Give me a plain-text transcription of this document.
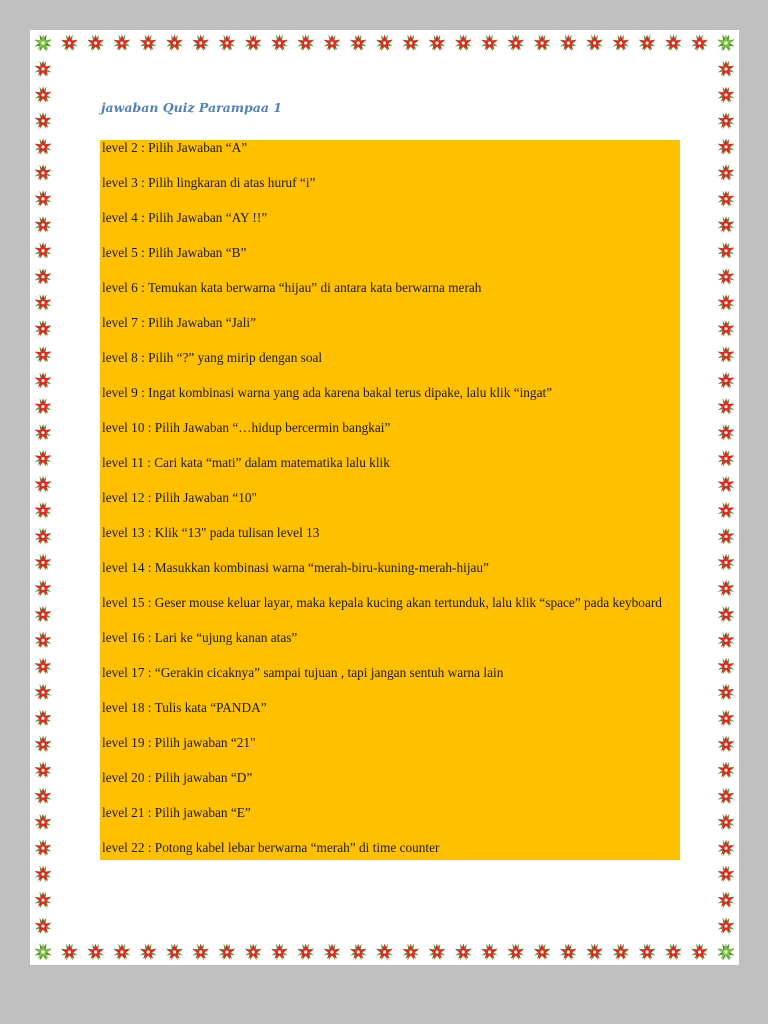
jawaban Quiz Parampaa 1

level 2 : Pilih Jawaban “A”

level 3 : Pilih lingkaran di atas huruf “i”

level 4 : Pilih Jawaban “AY !!”

level 5 : Pilih Jawaban “B”

level 6 : Temukan kata berwarna “hijau” di antara kata berwarna merah

level 7 : Pilih Jawaban “Jali”

level 8 : Pilih “?” yang mirip dengan soal

level 9 : Ingat kombinasi warna yang ada karena bakal terus dipake, lalu klik “ingat”

level 10 : Pilih Jawaban “…hidup bercermin bangkai”

level 11 : Cari kata “mati” dalam matematika lalu klik

level 12 : Pilih Jawaban “10"

level 13 : Klik “13" pada tulisan level 13

level 14 : Masukkan kombinasi warna “merah-biru-kuning-merah-hijau”

level 15 : Geser mouse keluar layar, maka kepala kucing akan tertunduk, lalu klik “space” pada keyboard

level 16 : Lari ke “ujung kanan atas”

level 17 : “Gerakin cicaknya” sampai tujuan , tapi jangan sentuh warna lain

level 18 : Tulis kata “PANDA”

level 19 : Pilih jawaban “21"

level 20 : Pilih jawaban “D”

level 21 : Pilih jawaban “E”

level 22 : Potong kabel lebar berwarna “merah” di time counter
